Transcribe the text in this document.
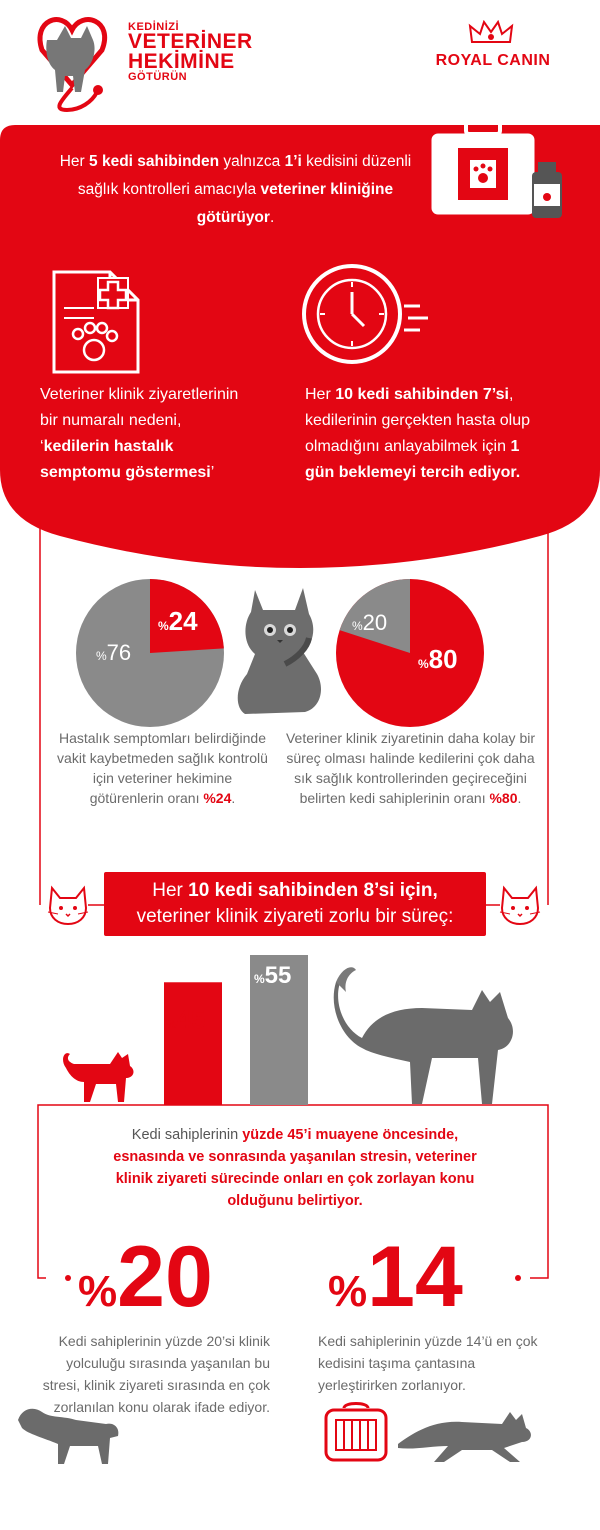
KEDİNİZİ
VETERİNER
HEKİMİNE
GÖTÜRÜN
ROYAL CANIN
Her 5 kedi sahibinden yalnızca 1’i kedisini düzenli sağlık kontrolleri amacıyla veteriner kliniğine götürüyor.
Veteriner klinik ziyaretlerinin bir numaralı nedeni, ‘kedilerin hastalık semptomu göstermesi’
Her 10 kedi sahibinden 7’si, kedilerinin gerçekten hasta olup olmadığını anlayabilmek için 1 gün beklemeyi tercih ediyor.
%24
%76
%20
%80
Hastalık semptomları belirdiğinde vakit kaybetmeden sağlık kontrolü için veteriner hekimine götürenlerin oranı %24.
Veteriner klinik ziyaretinin daha kolay bir süreç olması halinde kedilerini çok daha sık sağlık kontrollerinden geçireceğini belirten kedi sahiplerinin oranı %80.
Her 10 kedi sahibinden 8’si için,
veteriner klinik ziyareti zorlu bir süreç:
%45
%55
Kedi sahiplerinin yüzde 45’i muayene öncesinde, esnasında ve sonrasında yaşanılan stresin, veteriner klinik ziyareti sürecinde onları en çok zorlayan konu olduğunu belirtiyor.
%20
Kedi sahiplerinin yüzde 20’si klinik yolculuğu sırasında yaşanılan bu stresi, klinik ziyareti sırasında en çok zorlanılan konu olarak ifade ediyor.
%14
Kedi sahiplerinin yüzde 14’ü en çok kedisini taşıma çantasına yerleştirirken zorlanıyor.
